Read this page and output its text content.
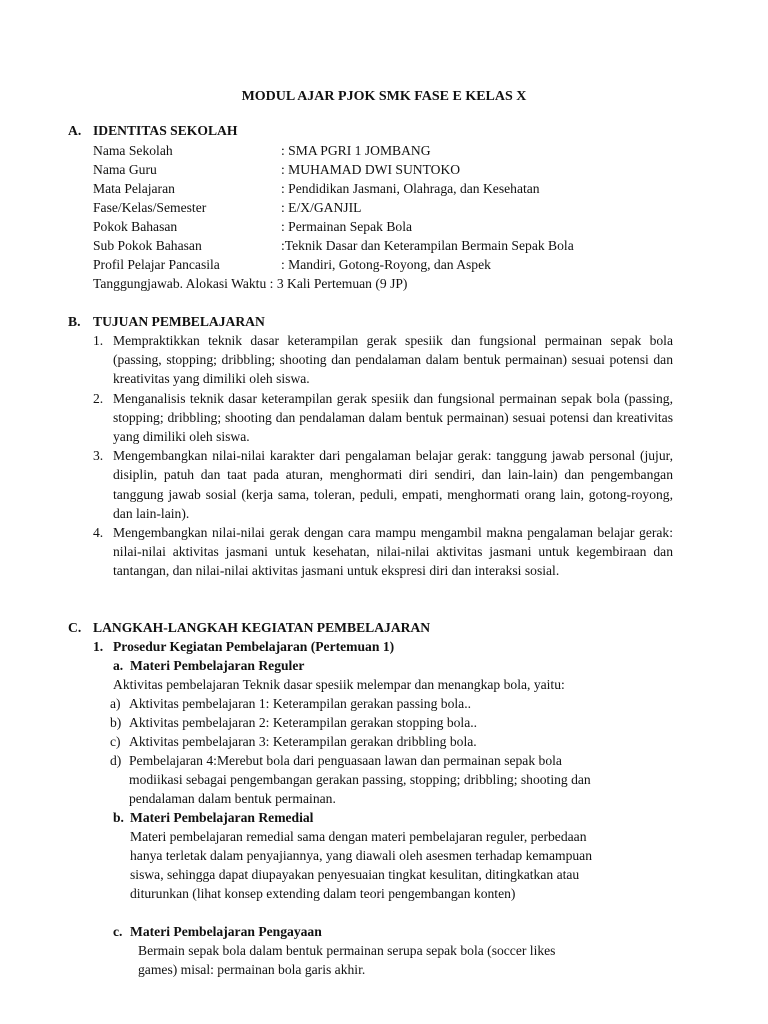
MODUL AJAR PJOK SMK FASE E KELAS X
A. IDENTITAS SEKOLAH
Nama Sekolah	: SMA PGRI 1 JOMBANG
Nama Guru	: MUHAMAD DWI SUNTOKO
Mata Pelajaran	: Pendidikan Jasmani, Olahraga, dan Kesehatan
Fase/Kelas/Semester	: E/X/GANJIL
Pokok Bahasan	: Permainan Sepak Bola
Sub Pokok Bahasan	:Teknik Dasar dan Keterampilan Bermain Sepak Bola
Profil Pelajar Pancasila	: Mandiri, Gotong-Royong, dan Aspek
Tanggungjawab. Alokasi Waktu : 3 Kali Pertemuan (9 JP)
B. TUJUAN PEMBELAJARAN
1. Mempraktikkan teknik dasar keterampilan gerak spesiik dan fungsional permainan sepak bola (passing, stopping; dribbling; shooting dan pendalaman dalam bentuk permainan) sesuai potensi dan kreativitas yang dimiliki oleh siswa.
2. Menganalisis teknik dasar keterampilan gerak spesiik dan fungsional permainan sepak bola (passing, stopping; dribbling; shooting dan pendalaman dalam bentuk permainan) sesuai potensi dan kreativitas yang dimiliki oleh siswa.
3. Mengembangkan nilai-nilai karakter dari pengalaman belajar gerak: tanggung jawab personal (jujur, disiplin, patuh dan taat pada aturan, menghormati diri sendiri, dan lain-lain) dan pengembangan tanggung jawab sosial (kerja sama, toleran, peduli, empati, menghormati orang lain, gotong-royong, dan lain-lain).
4. Mengembangkan nilai-nilai gerak dengan cara mampu mengambil makna pengalaman belajar gerak: nilai-nilai aktivitas jasmani untuk kesehatan, nilai-nilai aktivitas jasmani untuk kegembiraan dan tantangan, dan nilai-nilai aktivitas jasmani untuk ekspresi diri dan interaksi sosial.
C. LANGKAH-LANGKAH KEGIATAN PEMBELAJARAN
1. Prosedur Kegiatan Pembelajaran (Pertemuan 1)
a. Materi Pembelajaran Reguler
Aktivitas pembelajaran Teknik dasar spesiik melempar dan menangkap bola, yaitu:
a) Aktivitas pembelajaran 1: Keterampilan gerakan passing bola..
b) Aktivitas pembelajaran 2: Keterampilan gerakan stopping bola..
c) Aktivitas pembelajaran 3: Keterampilan gerakan dribbling bola.
d) Pembelajaran 4:Merebut bola dari penguasaan lawan dan permainan sepak bola
modiikasi sebagai pengembangan gerakan passing, stopping; dribbling; shooting dan
pendalaman dalam bentuk permainan.
b. Materi Pembelajaran Remedial
Materi pembelajaran remedial sama dengan materi pembelajaran reguler, perbedaan
hanya terletak dalam penyajiannya, yang diawali oleh asesmen terhadap kemampuan
siswa, sehingga dapat diupayakan penyesuaian tingkat kesulitan, ditingkatkan atau
diturunkan (lihat konsep extending dalam teori pengembangan konten)
c. Materi Pembelajaran Pengayaan
Bermain sepak bola dalam bentuk permainan serupa sepak bola (soccer likes
games) misal: permainan bola garis akhir.
